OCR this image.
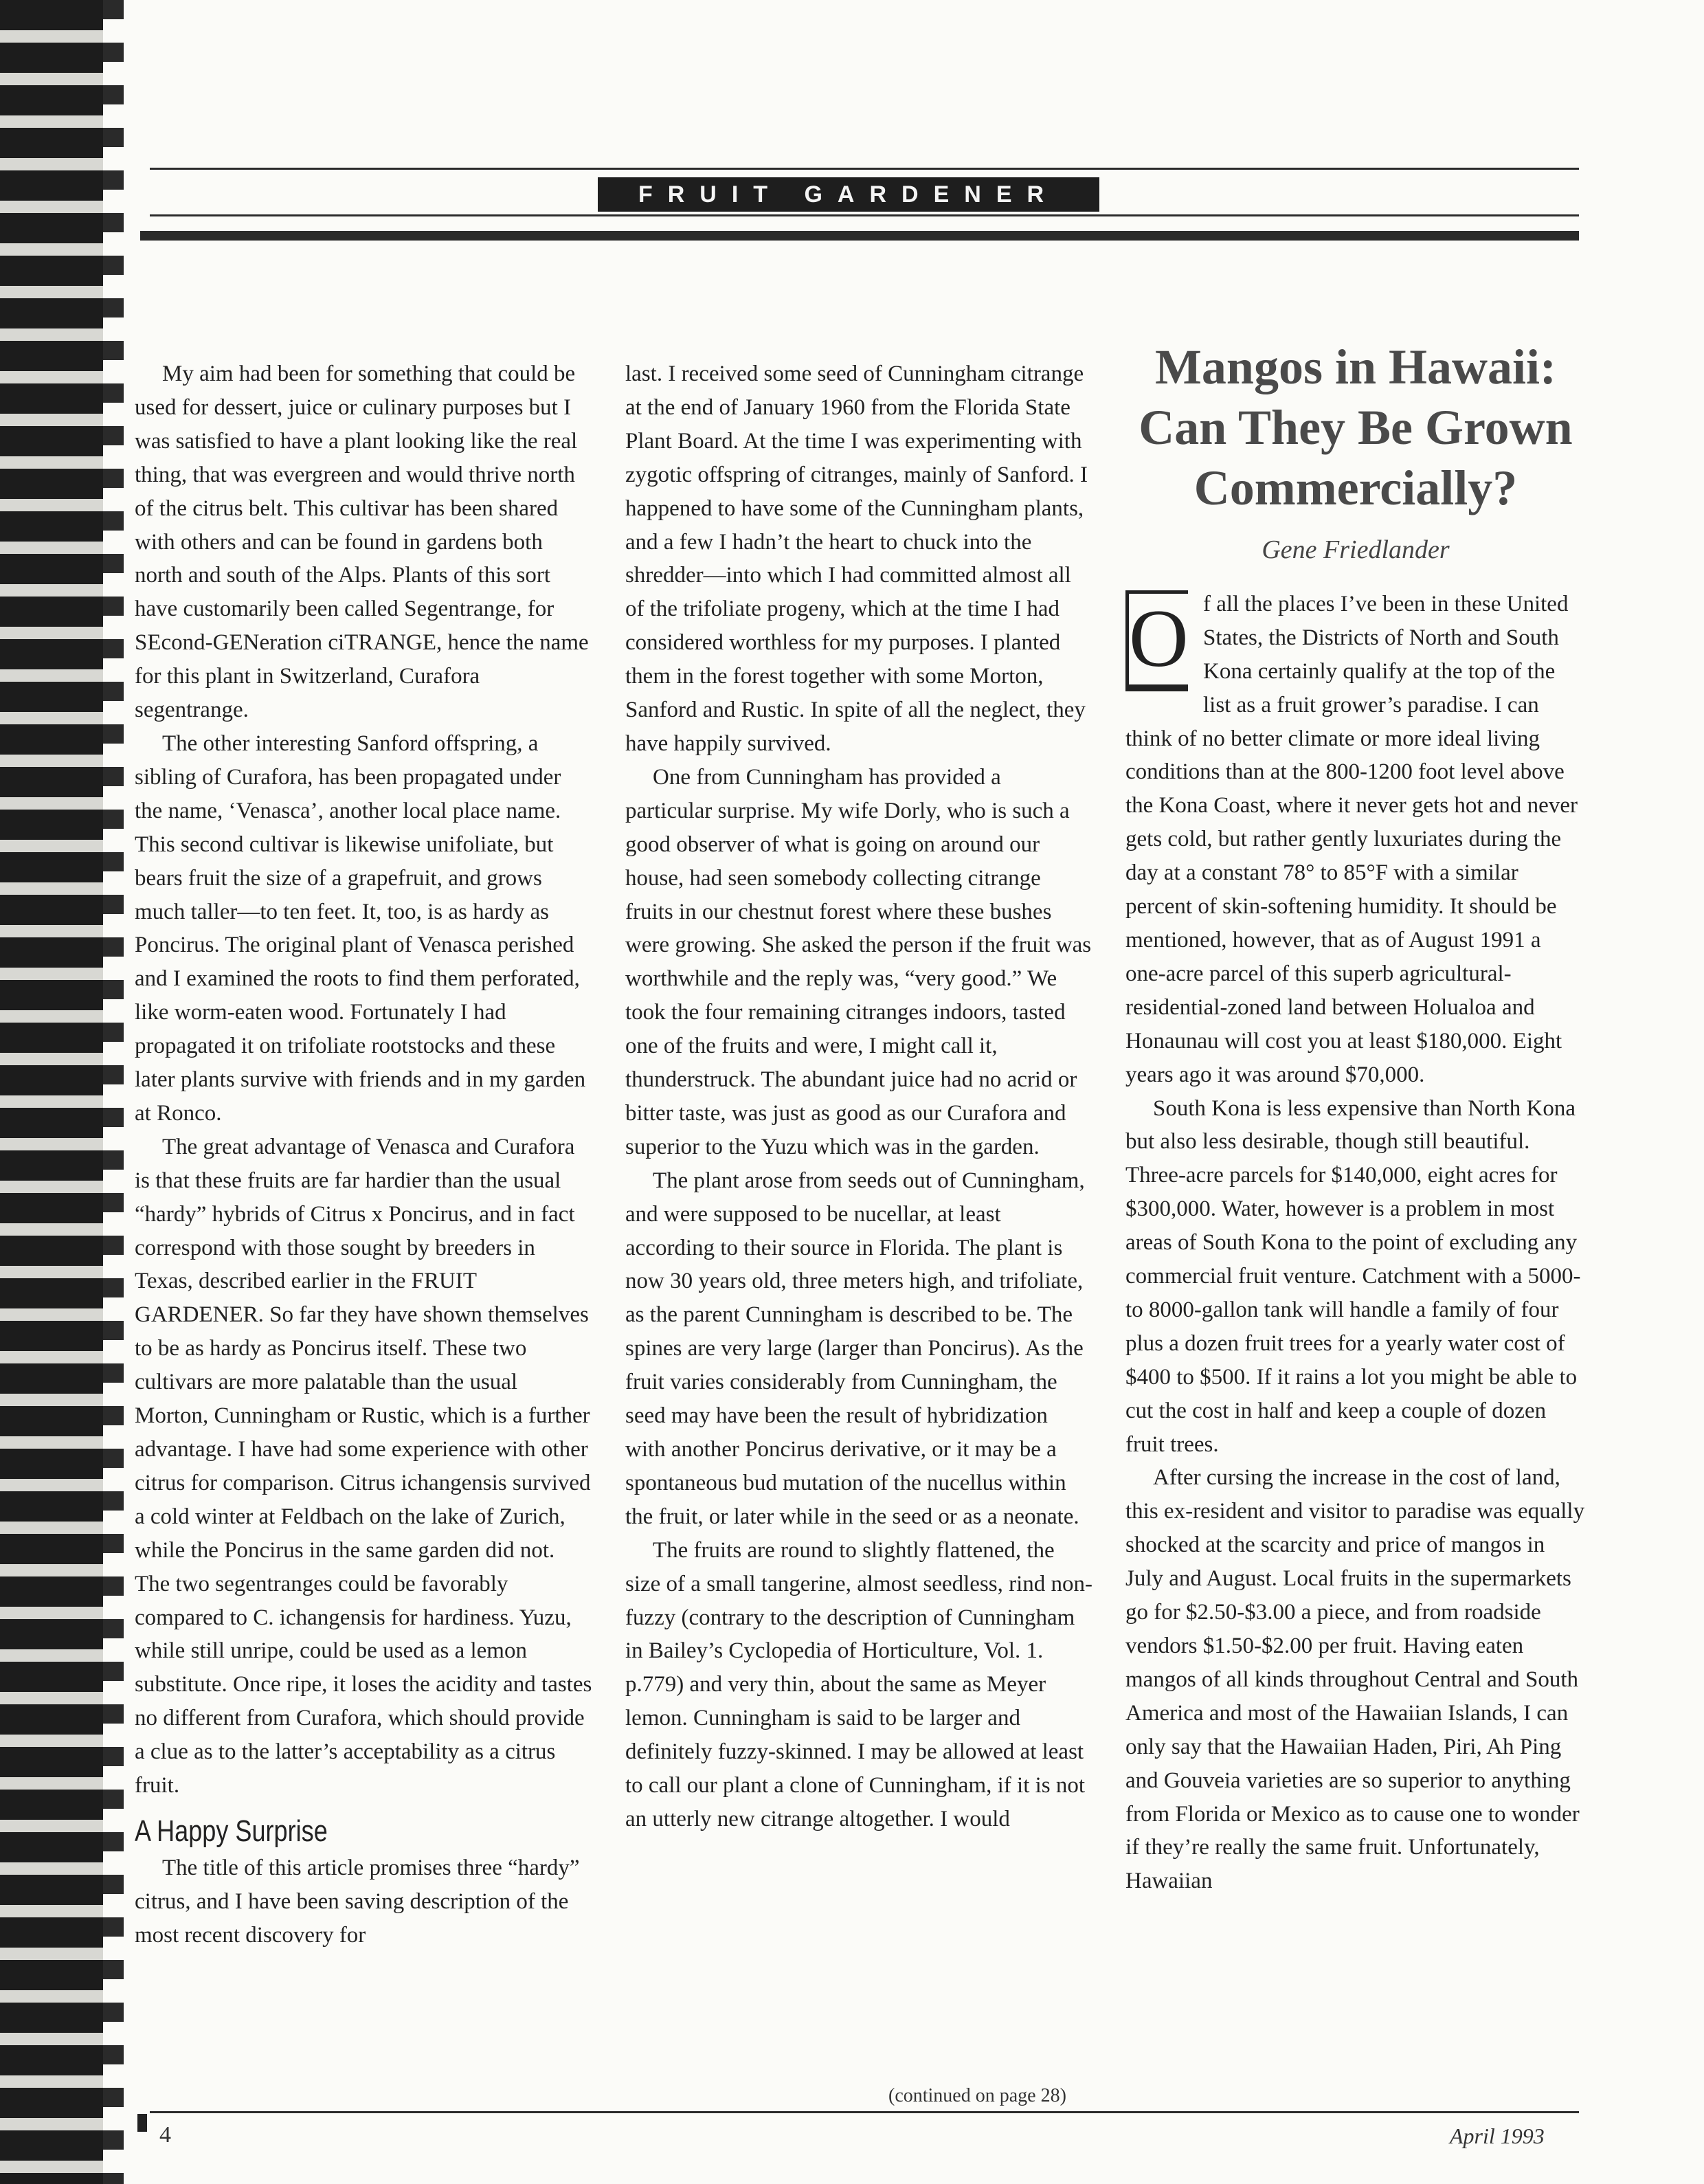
FRUIT GARDENER

My aim had been for something that could be used for dessert, juice or culinary purposes but I was satisfied to have a plant looking like the real thing, that was evergreen and would thrive north of the citrus belt. This cultivar has been shared with others and can be found in gardens both north and south of the Alps. Plants of this sort have customarily been called Segentrange, for SEcond-GENeration ciTRANGE, hence the name for this plant in Switzerland, Curafora segentrange.

The other interesting Sanford offspring, a sibling of Curafora, has been propagated under the name, ‘Venasca’, another local place name. This second cultivar is likewise unifoliate, but bears fruit the size of a grapefruit, and grows much taller—to ten feet. It, too, is as hardy as Poncirus. The original plant of Venasca perished and I examined the roots to find them perforated, like worm-eaten wood. Fortunately I had propagated it on trifoliate rootstocks and these later plants survive with friends and in my garden at Ronco.

The great advantage of Venasca and Curafora is that these fruits are far hardier than the usual “hardy” hybrids of Citrus x Poncirus, and in fact correspond with those sought by breeders in Texas, described earlier in the FRUIT GARDENER. So far they have shown themselves to be as hardy as Poncirus itself. These two cultivars are more palatable than the usual Morton, Cunningham or Rustic, which is a further advantage. I have had some experience with other citrus for comparison. Citrus ichangensis survived a cold winter at Feldbach on the lake of Zurich, while the Poncirus in the same garden did not. The two segentranges could be favorably compared to C. ichangensis for hardiness. Yuzu, while still unripe, could be used as a lemon substitute. Once ripe, it loses the acidity and tastes no different from Curafora, which should provide a clue as to the latter’s acceptability as a citrus fruit.

A Happy Surprise

The title of this article promises three “hardy” citrus, and I have been saving description of the most recent discovery for

last. I received some seed of Cunningham citrange at the end of January 1960 from the Florida State Plant Board. At the time I was experimenting with zygotic offspring of citranges, mainly of Sanford. I happened to have some of the Cunningham plants, and a few I hadn’t the heart to chuck into the shredder—into which I had committed almost all of the trifoliate progeny, which at the time I had considered worthless for my purposes. I planted them in the forest together with some Morton, Sanford and Rustic. In spite of all the neglect, they have happily survived.

One from Cunningham has provided a particular surprise. My wife Dorly, who is such a good observer of what is going on around our house, had seen somebody collecting citrange fruits in our chestnut forest where these bushes were growing. She asked the person if the fruit was worthwhile and the reply was, “very good.” We took the four remaining citranges indoors, tasted one of the fruits and were, I might call it, thunderstruck. The abundant juice had no acrid or bitter taste, was just as good as our Curafora and superior to the Yuzu which was in the garden.

The plant arose from seeds out of Cunningham, and were supposed to be nucellar, at least according to their source in Florida. The plant is now 30 years old, three meters high, and trifoliate, as the parent Cunningham is described to be. The spines are very large (larger than Poncirus). As the fruit varies considerably from Cunningham, the seed may have been the result of hybridization with another Poncirus derivative, or it may be a spontaneous bud mutation of the nucellus within the fruit, or later while in the seed or as a neonate.

The fruits are round to slightly flattened, the size of a small tangerine, almost seedless, rind non-fuzzy (contrary to the description of Cunningham in Bailey’s Cyclopedia of Horticulture, Vol. 1. p.779) and very thin, about the same as Meyer lemon. Cunningham is said to be larger and definitely fuzzy-skinned. I may be allowed at least to call our plant a clone of Cunningham, if it is not an utterly new citrange altogether. I would

(continued on page 28)
Mangos in Hawaii: Can They Be Grown Commercially?
Gene Friedlander
O f all the places I’ve been in these United States, the Districts of North and South Kona certainly qualify at the top of the list as a fruit grower’s paradise. I can think of no better climate or more ideal living conditions than at the 800-1200 foot level above the Kona Coast, where it never gets hot and never gets cold, but rather gently luxuriates during the day at a constant 78° to 85°F with a similar percent of skin-softening humidity. It should be mentioned, however, that as of August 1991 a one-acre parcel of this superb agricultural-residential-zoned land between Holualoa and Honaunau will cost you at least $180,000. Eight years ago it was around $70,000.

South Kona is less expensive than North Kona but also less desirable, though still beautiful. Three-acre parcels for $140,000, eight acres for $300,000. Water, however is a problem in most areas of South Kona to the point of excluding any commercial fruit venture. Catchment with a 5000- to 8000-gallon tank will handle a family of four plus a dozen fruit trees for a yearly water cost of $400 to $500. If it rains a lot you might be able to cut the cost in half and keep a couple of dozen fruit trees.

After cursing the increase in the cost of land, this ex-resident and visitor to paradise was equally shocked at the scarcity and price of mangos in July and August. Local fruits in the supermarkets go for $2.50-$3.00 a piece, and from roadside vendors $1.50-$2.00 per fruit. Having eaten mangos of all kinds throughout Central and South America and most of the Hawaiian Islands, I can only say that the Hawaiian Haden, Piri, Ah Ping and Gouveia varieties are so superior to anything from Florida or Mexico as to cause one to wonder if they’re really the same fruit. Unfortunately, Hawaiian

4	April 1993
